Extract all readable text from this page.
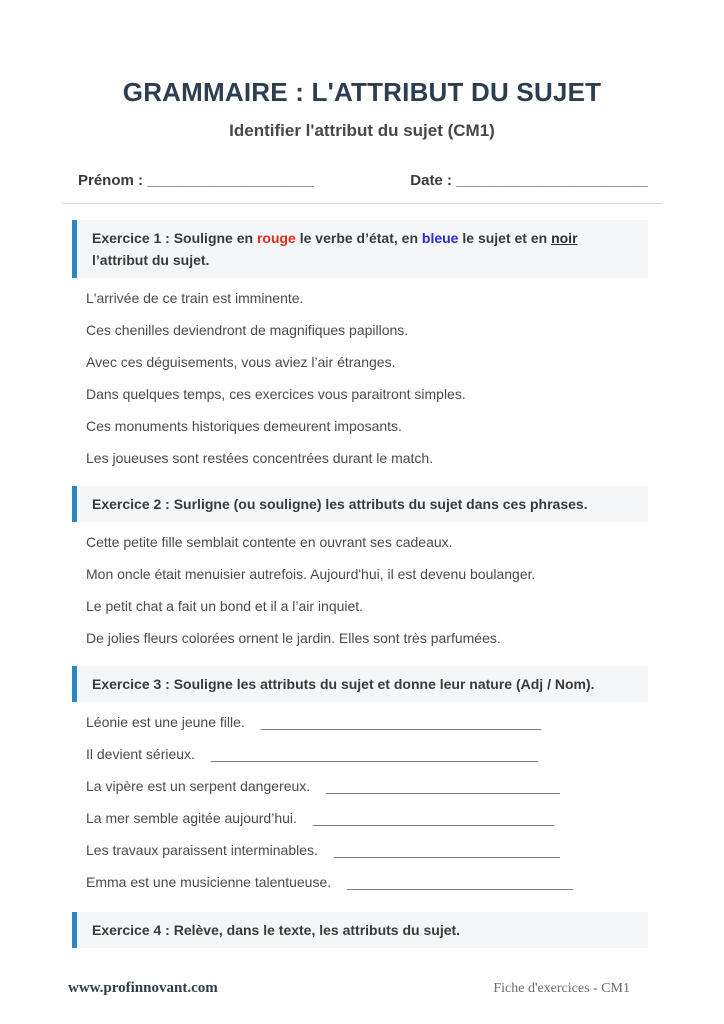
GRAMMAIRE : L'ATTRIBUT DU SUJET
Identifier l'attribut du sujet (CM1)
Prénom : ____________________	Date : _______________________
Exercice 1 : Souligne en rouge le verbe d’état, en bleue le sujet et en noir l’attribut du sujet.
L'arrivée de ce train est imminente.
Ces chenilles deviendront de magnifiques papillons.
Avec ces déguisements, vous aviez l’air étranges.
Dans quelques temps, ces exercices vous paraitront simples.
Ces monuments historiques demeurent imposants.
Les joueuses sont restées concentrées durant le match.
Exercice 2 : Surligne (ou souligne) les attributs du sujet dans ces phrases.
Cette petite fille semblait contente en ouvrant ses cadeaux.
Mon oncle était menuisier autrefois. Aujourd'hui, il est devenu boulanger.
Le petit chat a fait un bond et il a l’air inquiet.
De jolies fleurs colorées ornent le jardin. Elles sont très parfumées.
Exercice 3 : Souligne les attributs du sujet et donne leur nature (Adj / Nom).
Léonie est une jeune fille. ____________________________________
Il devient sérieux. __________________________________________
La vipère est un serpent dangereux. ______________________________
La mer semble agitée aujourd’hui. _______________________________
Les travaux paraissent interminables. _____________________________
Emma est une musicienne talentueuse. _____________________________
Exercice 4 : Relève, dans le texte, les attributs du sujet.
www.profinnovant.com	Fiche d'exercices - CM1
